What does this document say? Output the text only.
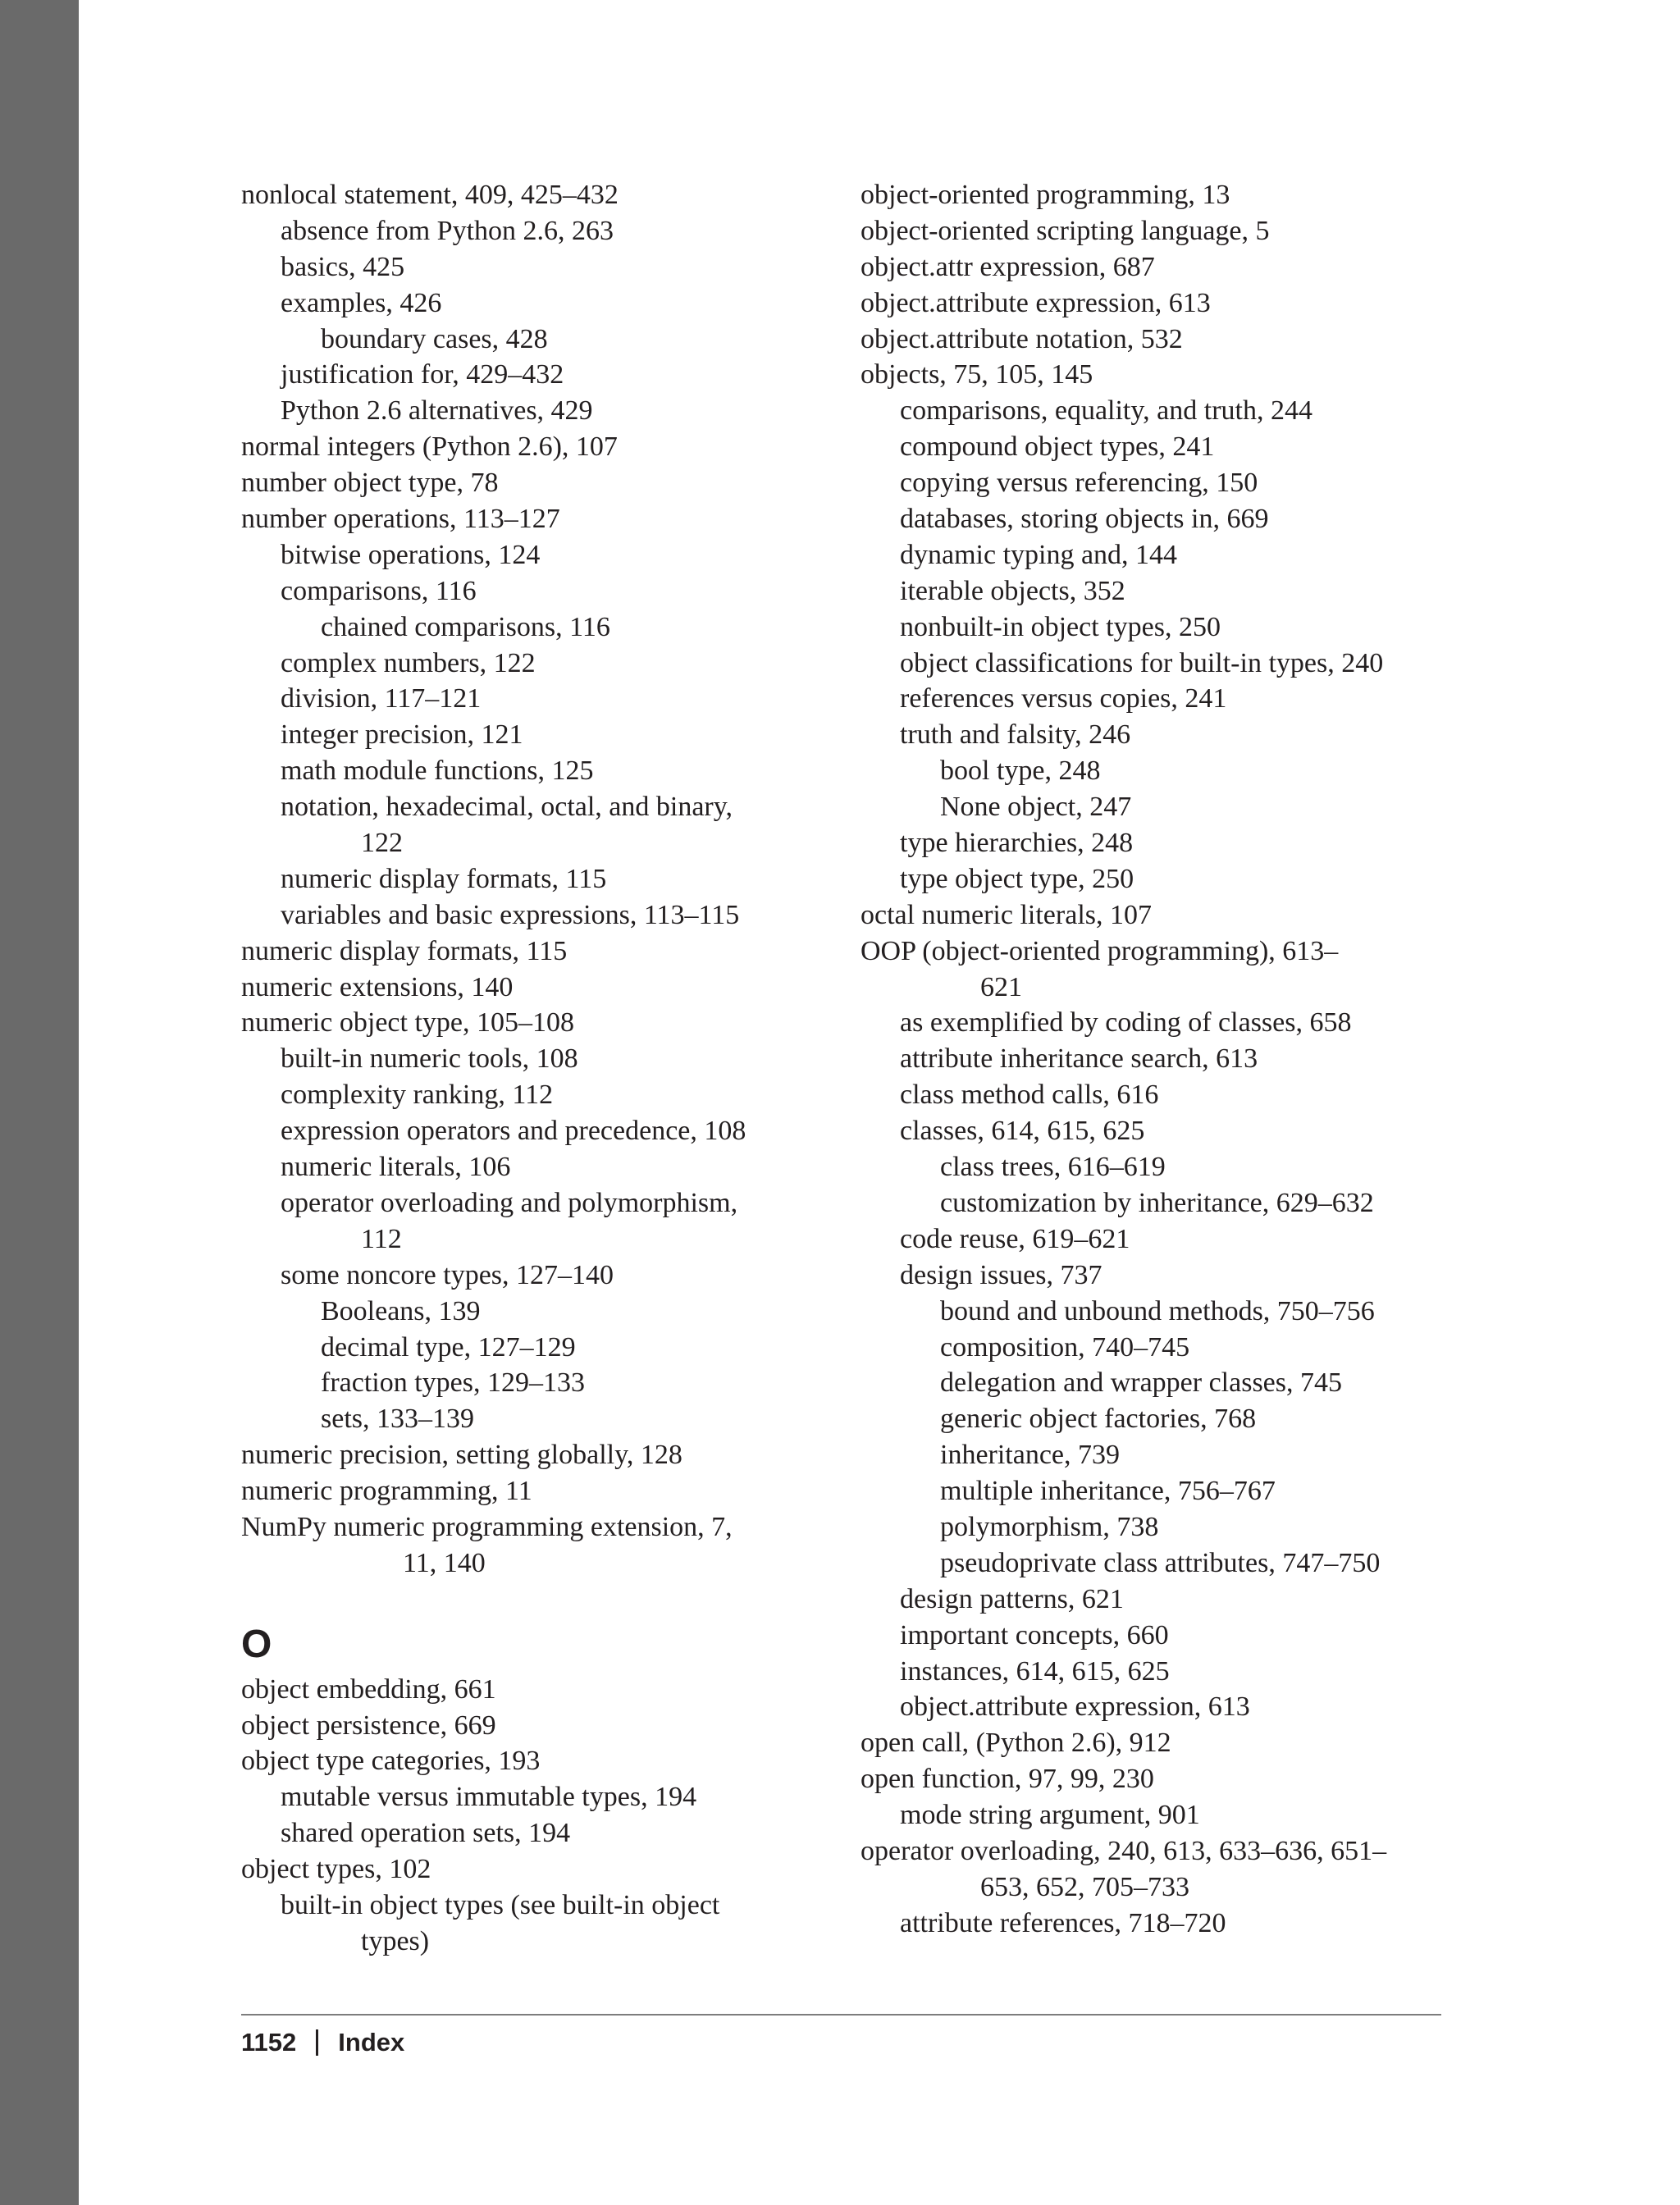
nonlocal statement, 409, 425–432
absence from Python 2.6, 263
basics, 425
examples, 426
boundary cases, 428
justification for, 429–432
Python 2.6 alternatives, 429
normal integers (Python 2.6), 107
number object type, 78
number operations, 113–127
bitwise operations, 124
comparisons, 116
chained comparisons, 116
complex numbers, 122
division, 117–121
integer precision, 121
math module functions, 125
notation, hexadecimal, octal, and binary,
122
numeric display formats, 115
variables and basic expressions, 113–115
numeric display formats, 115
numeric extensions, 140
numeric object type, 105–108
built-in numeric tools, 108
complexity ranking, 112
expression operators and precedence, 108
numeric literals, 106
operator overloading and polymorphism,
112
some noncore types, 127–140
Booleans, 139
decimal type, 127–129
fraction types, 129–133
sets, 133–139
numeric precision, setting globally, 128
numeric programming, 11
NumPy numeric programming extension, 7,
11, 140
O
object embedding, 661
object persistence, 669
object type categories, 193
mutable versus immutable types, 194
shared operation sets, 194
object types, 102
built-in object types (see built-in object
types)
object-oriented programming, 13
object-oriented scripting language, 5
object.attr expression, 687
object.attribute expression, 613
object.attribute notation, 532
objects, 75, 105, 145
comparisons, equality, and truth, 244
compound object types, 241
copying versus referencing, 150
databases, storing objects in, 669
dynamic typing and, 144
iterable objects, 352
nonbuilt-in object types, 250
object classifications for built-in types, 240
references versus copies, 241
truth and falsity, 246
bool type, 248
None object, 247
type hierarchies, 248
type object type, 250
octal numeric literals, 107
OOP (object-oriented programming), 613–
621
as exemplified by coding of classes, 658
attribute inheritance search, 613
class method calls, 616
classes, 614, 615, 625
class trees, 616–619
customization by inheritance, 629–632
code reuse, 619–621
design issues, 737
bound and unbound methods, 750–756
composition, 740–745
delegation and wrapper classes, 745
generic object factories, 768
inheritance, 739
multiple inheritance, 756–767
polymorphism, 738
pseudoprivate class attributes, 747–750
design patterns, 621
important concepts, 660
instances, 614, 615, 625
object.attribute expression, 613
open call, (Python 2.6), 912
open function, 97, 99, 230
mode string argument, 901
operator overloading, 240, 613, 633–636, 651–
653, 652, 705–733
attribute references, 718–720
1152 Index
